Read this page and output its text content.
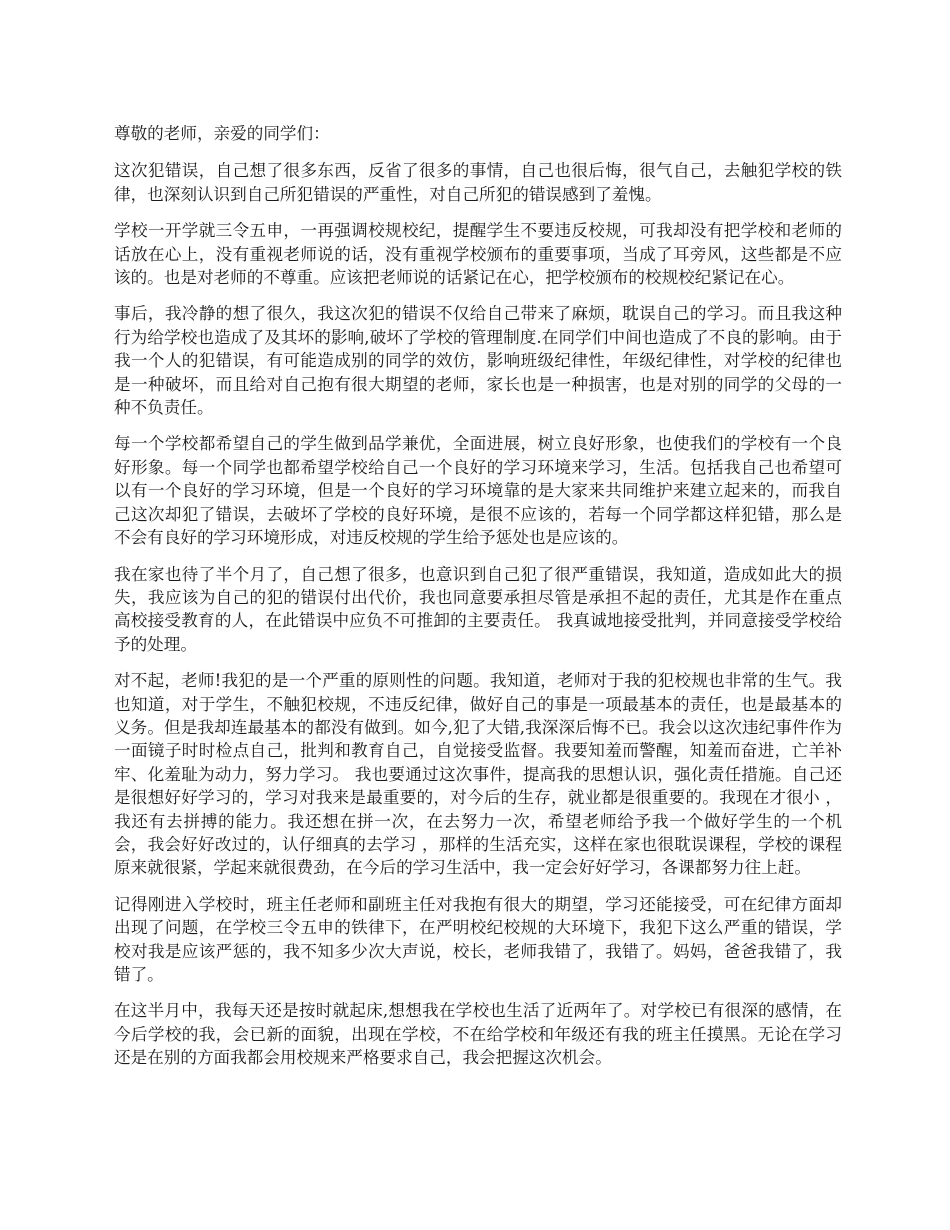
尊敬的老师，亲爱的同学们：

这次犯错误，自己想了很多东西，反省了很多的事情，自己也很后悔，很气自己，去触犯学校的铁律，也深刻认识到自己所犯错误的严重性，对自己所犯的错误感到了羞愧。

学校一开学就三令五申，一再强调校规校纪，提醒学生不要违反校规，可我却没有把学校和老师的话放在心上，没有重视老师说的话，没有重视学校颁布的重要事项，当成了耳旁风，这些都是不应该的。也是对老师的不尊重。应该把老师说的话紧记在心，把学校颁布的校规校纪紧记在心。

事后，我冷静的想了很久，我这次犯的错误不仅给自己带来了麻烦，耽误自己的学习。而且我这种行为给学校也造成了及其坏的影响,破坏了学校的管理制度.在同学们中间也造成了不良的影响。由于我一个人的犯错误，有可能造成别的同学的效仿，影响班级纪律性，年级纪律性，对学校的纪律也是一种破坏，而且给对自己抱有很大期望的老师，家长也是一种损害，也是对别的同学的父母的一种不负责任。

每一个学校都希望自己的学生做到品学兼优，全面进展，树立良好形象，也使我们的学校有一个良好形象。每一个同学也都希望学校给自己一个良好的学习环境来学习，生活。包括我自己也希望可以有一个良好的学习环境，但是一个良好的学习环境靠的是大家来共同维护来建立起来的，而我自己这次却犯了错误，去破坏了学校的良好环境，是很不应该的，若每一个同学都这样犯错，那么是不会有良好的学习环境形成，对违反校规的学生给予惩处也是应该的。

我在家也待了半个月了，自己想了很多，也意识到自己犯了很严重错误，我知道，造成如此大的损失，我应该为自己的犯的错误付出代价，我也同意要承担尽管是承担不起的责任，尤其是作在重点高校接受教育的人，在此错误中应负不可推卸的主要责任。 我真诚地接受批判，并同意接受学校给予的处理。

对不起，老师!我犯的是一个严重的原则性的问题。我知道，老师对于我的犯校规也非常的生气。我也知道，对于学生，不触犯校规，不违反纪律，做好自己的事是一项最基本的责任，也是最基本的义务。但是我却连最基本的都没有做到。如今,犯了大错,我深深后悔不已。我会以这次违纪事件作为一面镜子时时检点自己，批判和教育自己，自觉接受监督。我要知羞而警醒，知羞而奋进，亡羊补牢、化羞耻为动力，努力学习。 我也要通过这次事件，提高我的思想认识，强化责任措施。自己还是很想好好学习的，学习对我来是最重要的，对今后的生存，就业都是很重要的。我现在才很小 ，我还有去拼搏的能力。我还想在拼一次，在去努力一次，希望老师给予我一个做好学生的一个机会，我会好好改过的，认仔细真的去学习 ，那样的生活充实，这样在家也很耽误课程，学校的课程原来就很紧，学起来就很费劲，在今后的学习生活中，我一定会好好学习，各课都努力往上赶。

记得刚进入学校时，班主任老师和副班主任对我抱有很大的期望，学习还能接受，可在纪律方面却出现了问题，在学校三令五申的铁律下，在严明校纪校规的大环境下，我犯下这么严重的错误，学校对我是应该严惩的，我不知多少次大声说，校长，老师我错了，我错了。妈妈，爸爸我错了，我错了。

在这半月中，我每天还是按时就起床,想想我在学校也生活了近两年了。对学校已有很深的感情，在今后学校的我，会已新的面貌，出现在学校，不在给学校和年级还有我的班主任摸黑。无论在学习还是在别的方面我都会用校规来严格要求自己，我会把握这次机会。
